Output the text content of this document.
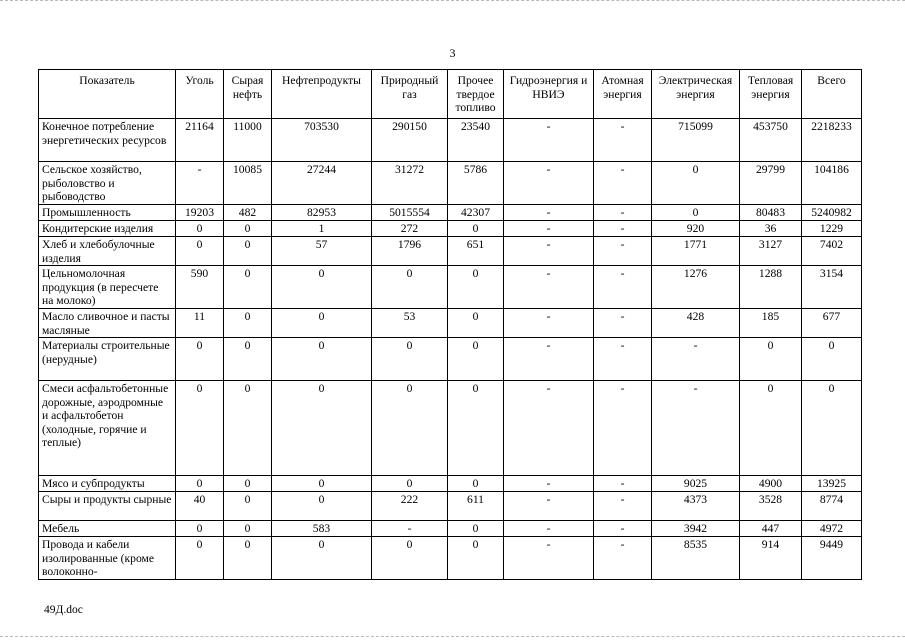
3
Показатель	Уголь	Сырая нефть	Нефтепродукты	Природный газ	Прочее твердое топливо	Гидроэнергия и НВИЭ	Атомная энергия	Электрическая энергия	Тепловая энергия	Всего
Конечное потребление энергетических ресурсов	21164	11000	703530	290150	23540	-	-	715099	453750	2218233
Сельское хозяйство, рыболовство и рыбоводство	-	10085	27244	31272	5786	-	-	0	29799	104186
Промышленность	19203	482	82953	5015554	42307	-	-	0	80483	5240982
Кондитерские изделия	0	0	1	272	0	-	-	920	36	1229
Хлеб и хлебобулочные изделия	0	0	57	1796	651	-	-	1771	3127	7402
Цельномолочная продукция (в пересчете на молоко)	590	0	0	0	0	-	-	1276	1288	3154
Масло сливочное и пасты масляные	11	0	0	53	0	-	-	428	185	677
Материалы строительные (нерудные)	0	0	0	0	0	-	-	-	0	0
Смеси асфальтобетонные дорожные, аэродромные и асфальтобетон (холодные, горячие и теплые)	0	0	0	0	0	-	-	-	0	0
Мясо и субпродукты	0	0	0	0	0	-	-	9025	4900	13925
Сыры и продукты сырные	40	0	0	222	611	-	-	4373	3528	8774
Мебель	0	0	583	-	0	-	-	3942	447	4972
Провода и кабели изолированные (кроме волоконно-	0	0	0	0	0	-	-	8535	914	9449
49Д.doc
